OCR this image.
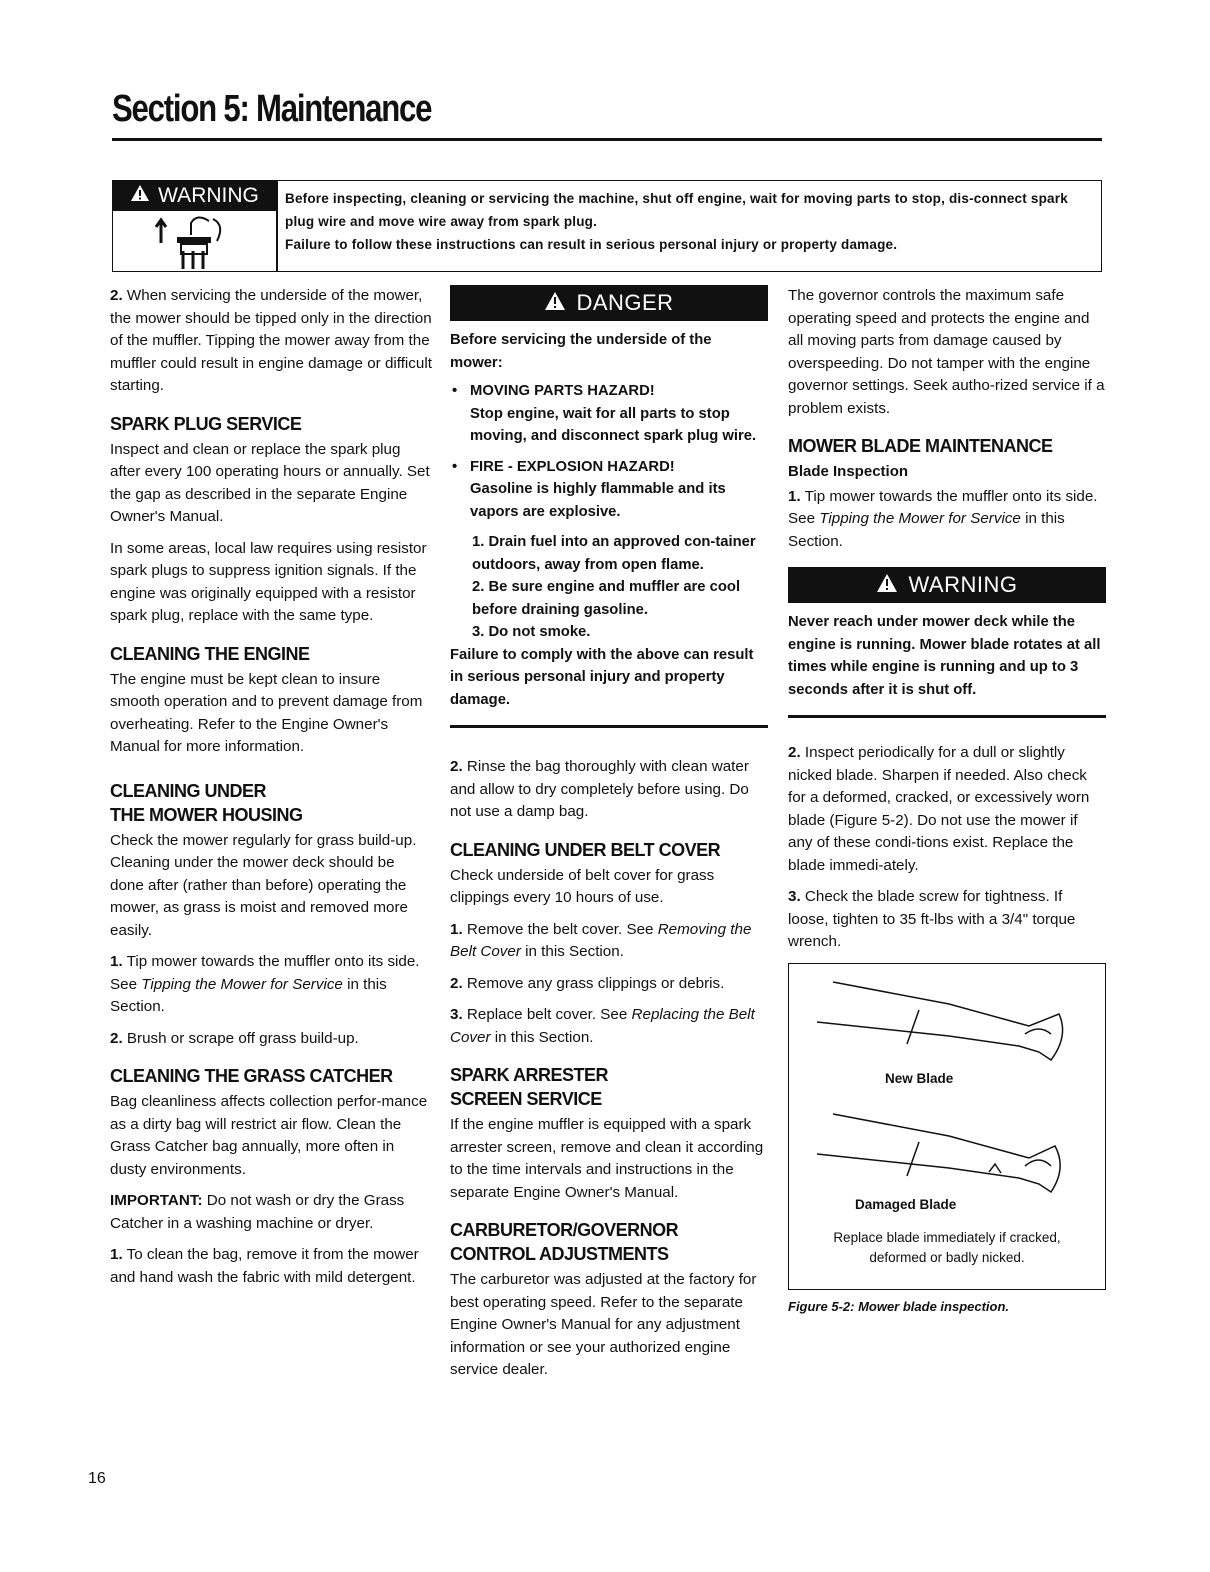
Section 5: Maintenance
WARNING Before inspecting, cleaning or servicing the machine, shut off engine, wait for moving parts to stop, dis-connect spark plug wire and move wire away from spark plug.
Failure to follow these instructions can result in serious personal injury or property damage.

2. When servicing the underside of the mower, the mower should be tipped only in the direction of the muffler. Tipping the mower away from the muffler could result in engine damage or difficult starting.

SPARK PLUG SERVICE

Inspect and clean or replace the spark plug after every 100 operating hours or annually. Set the gap as described in the separate Engine Owner's Manual.

In some areas, local law requires using resistor spark plugs to suppress ignition signals. If the engine was originally equipped with a resistor spark plug, replace with the same type.

CLEANING THE ENGINE

The engine must be kept clean to insure smooth operation and to prevent damage from overheating. Refer to the Engine Owner's Manual for more information.

CLEANING UNDER
THE MOWER HOUSING

Check the mower regularly for grass build-up. Cleaning under the mower deck should be done after (rather than before) operating the mower, as grass is moist and removed more easily.

1. Tip mower towards the muffler onto its side. See Tipping the Mower for Service in this Section.

2. Brush or scrape off grass build-up.

CLEANING THE GRASS CATCHER

Bag cleanliness affects collection perfor-mance as a dirty bag will restrict air flow. Clean the Grass Catcher bag annually, more often in dusty environments.

IMPORTANT: Do not wash or dry the Grass Catcher in a washing machine or dryer.

1. To clean the bag, remove it from the mower and hand wash the fabric with mild detergent.

DANGER
Before servicing the underside of the mower:
• MOVING PARTS HAZARD!
Stop engine, wait for all parts to stop moving, and disconnect spark plug wire.
• FIRE - EXPLOSION HAZARD!
Gasoline is highly flammable and its vapors are explosive.
1. Drain fuel into an approved con-tainer outdoors, away from open flame.
2. Be sure engine and muffler are cool before draining gasoline.
3. Do not smoke.
Failure to comply with the above can result in serious personal injury and property damage.

2. Rinse the bag thoroughly with clean water and allow to dry completely before using. Do not use a damp bag.

CLEANING UNDER BELT COVER

Check underside of belt cover for grass clippings every 10 hours of use.

1. Remove the belt cover. See Removing the Belt Cover in this Section.

2. Remove any grass clippings or debris.

3. Replace belt cover. See Replacing the Belt Cover in this Section.

SPARK ARRESTER
SCREEN SERVICE

If the engine muffler is equipped with a spark arrester screen, remove and clean it according to the time intervals and instructions in the separate Engine Owner's Manual.

CARBURETOR/GOVERNOR
CONTROL ADJUSTMENTS

The carburetor was adjusted at the factory for best operating speed. Refer to the separate Engine Owner's Manual for any adjustment information or see your authorized engine service dealer.

The governor controls the maximum safe operating speed and protects the engine and all moving parts from damage caused by overspeeding. Do not tamper with the engine governor settings. Seek autho-rized service if a problem exists.

MOWER BLADE MAINTENANCE
Blade Inspection

1. Tip mower towards the muffler onto its side. See Tipping the Mower for Service in this Section.

WARNING
Never reach under mower deck while the engine is running. Mower blade rotates at all times while engine is running and up to 3 seconds after it is shut off.

2. Inspect periodically for a dull or slightly nicked blade. Sharpen if needed. Also check for a deformed, cracked, or excessively worn blade (Figure 5-2). Do not use the mower if any of these condi-tions exist. Replace the blade immedi-ately.

3. Check the blade screw for tightness. If loose, tighten to 35 ft-lbs with a 3/4" torque wrench.

New Blade
Damaged Blade
Replace blade immediately if cracked,
deformed or badly nicked.
Figure 5-2: Mower blade inspection.
16
